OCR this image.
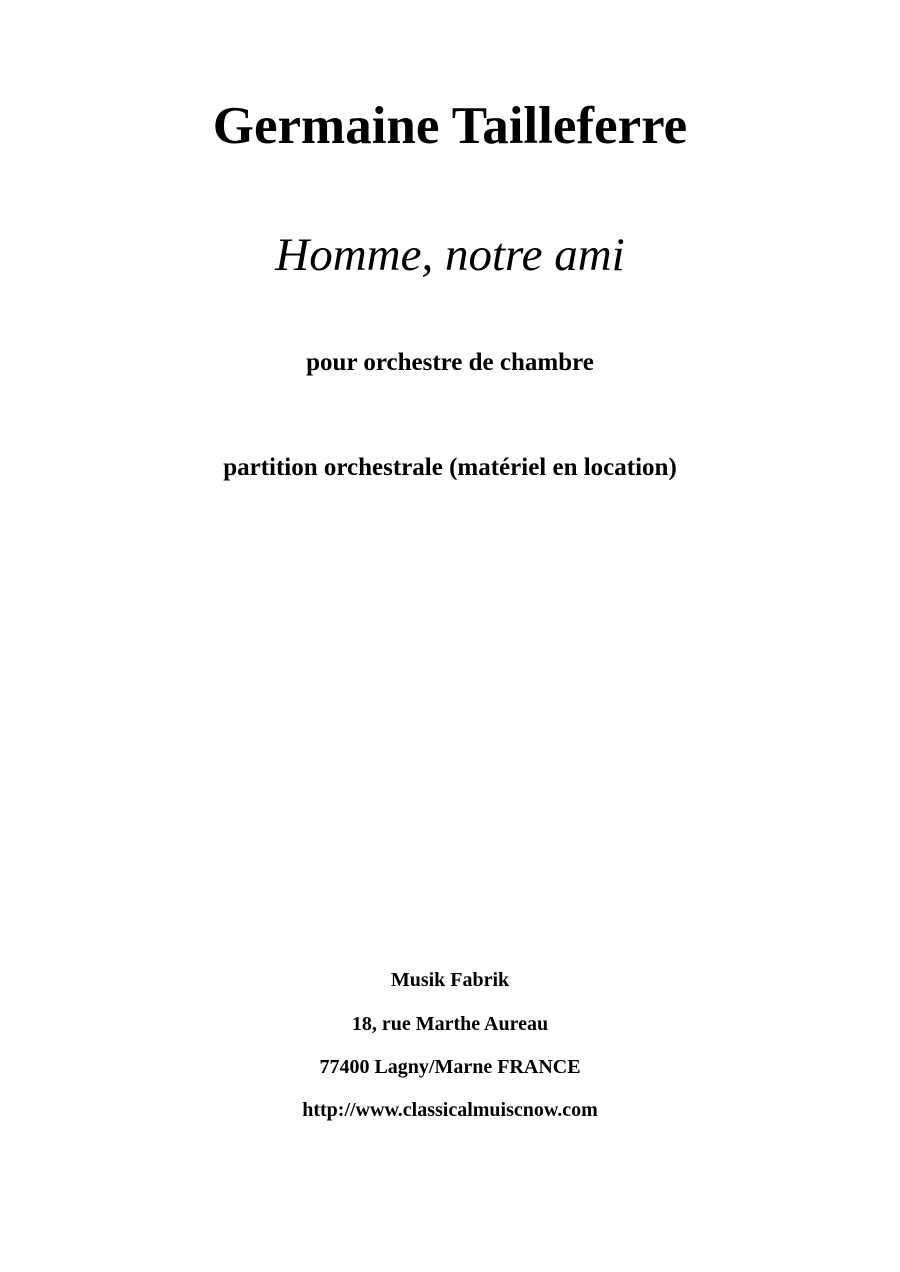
Germaine Tailleferre
Homme, notre ami
pour orchestre de chambre
partition orchestrale (matériel en location)
Musik Fabrik
18, rue Marthe Aureau
77400 Lagny/Marne FRANCE
http://www.classicalmuiscnow.com
